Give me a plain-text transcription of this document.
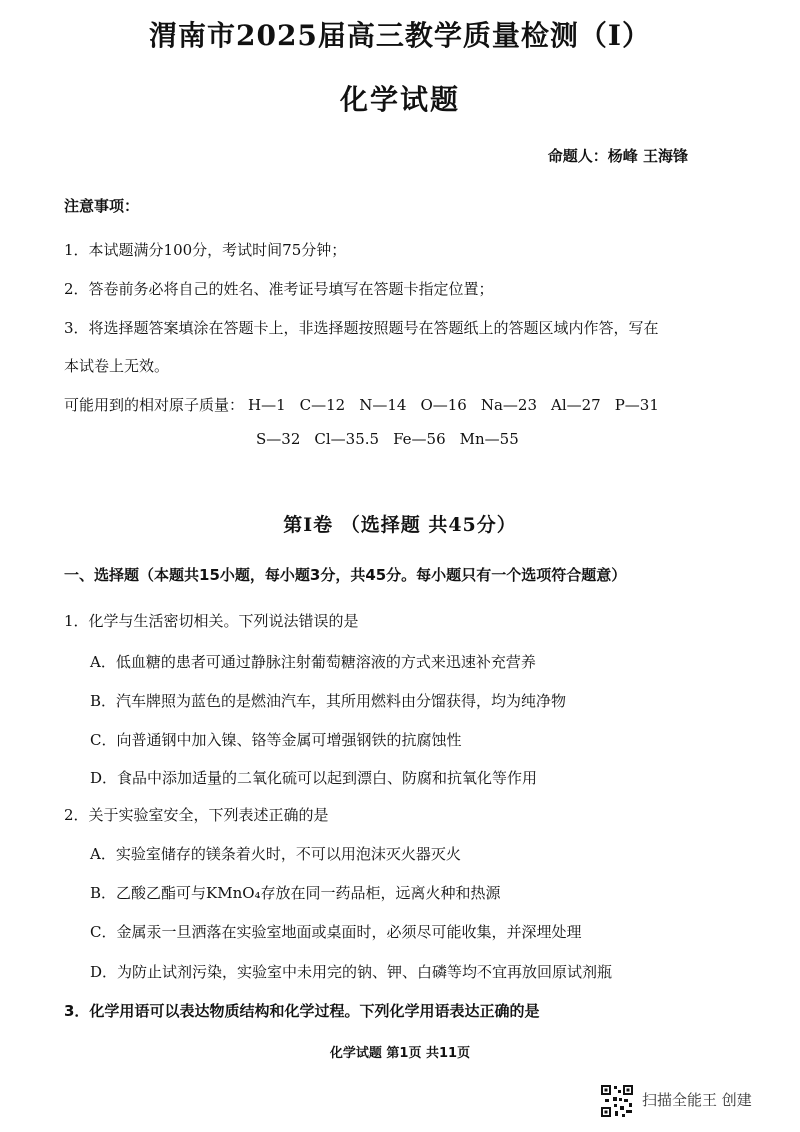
渭南市2025届高三教学质量检测（I）
化学试题
命题人：杨峰 王海锋
注意事项：
1．本试题满分100分，考试时间75分钟；
2．答卷前务必将自己的姓名、准考证号填写在答题卡指定位置；
3．将选择题答案填涂在答题卡上，非选择题按照题号在答题纸上的答题区域内作答，写在
本试卷上无效。
可能用到的相对原子质量： H—1 C—12 N—14 O—16 Na—23 Al—27 P—31
S—32 Cl—35.5 Fe—56 Mn—55
第Ⅰ卷 （选择题 共45分）
一、选择题（本题共15小题，每小题3分，共45分。每小题只有一个选项符合题意）
1．化学与生活密切相关。下列说法错误的是
A．低血糖的患者可通过静脉注射葡萄糖溶液的方式来迅速补充营养
B．汽车牌照为蓝色的是燃油汽车，其所用燃料由分馏获得，均为纯净物
C．向普通钢中加入镍、铬等金属可增强钢铁的抗腐蚀性
D．食品中添加适量的二氧化硫可以起到漂白、防腐和抗氧化等作用
2．关于实验室安全，下列表述正确的是
A．实验室储存的镁条着火时，不可以用泡沫灭火器灭火
B．乙酸乙酯可与KMnO₄存放在同一药品柜，远离火种和热源
C．金属汞一旦洒落在实验室地面或桌面时，必须尽可能收集，并深埋处理
D．为防止试剂污染，实验室中未用完的钠、钾、白磷等均不宜再放回原试剂瓶
3．化学用语可以表达物质结构和化学过程。下列化学用语表达正确的是
化学试题 第1页 共11页
扫描全能王 创建
